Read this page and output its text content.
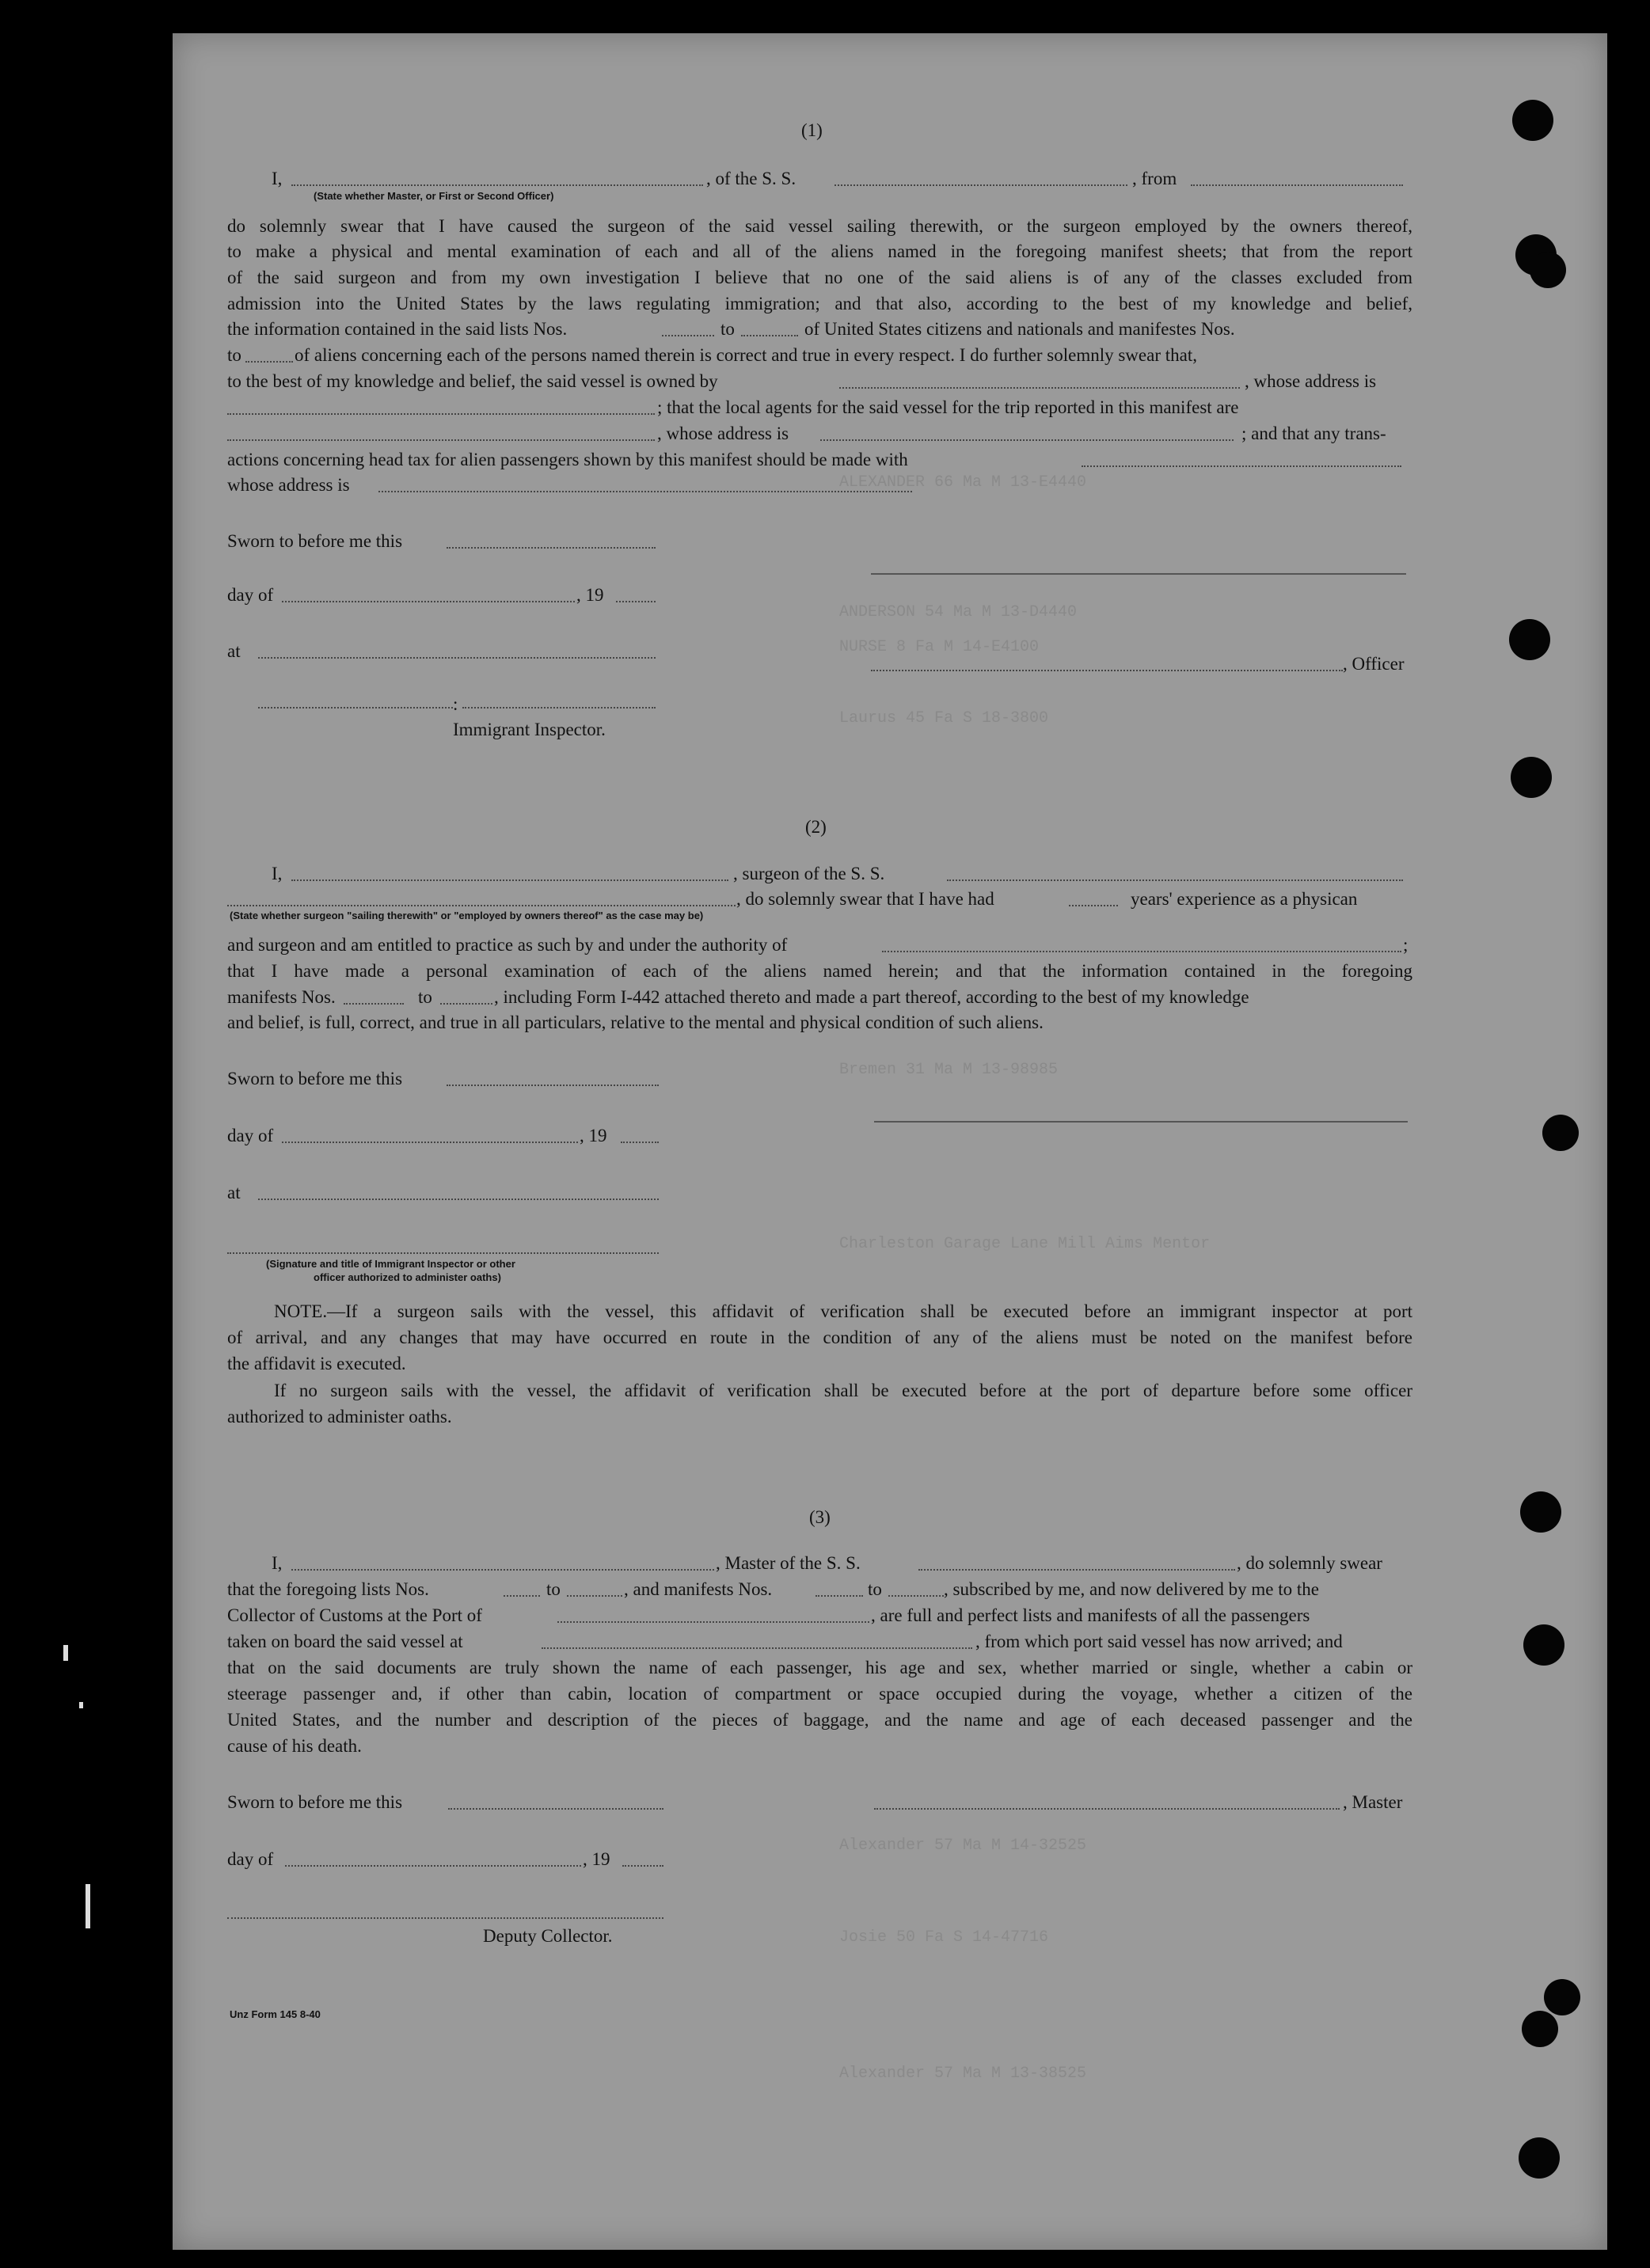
ALEXANDER 66 Ma M 13-E4440
ANDERSON 54 Ma M 13-D4440
NURSE 8 Fa M 14-E4100
Laurus 45 Fa S 18-3800
Bremen 31 Ma M 13-98985
Charleston Garage Lane Mill Aims Mentor
Alexander 57 Ma M 14-32525
Josie 50 Fa S 14-47716
Alexander 57 Ma M 13-38525
(1)
I,	, of the S. S.	, from
(State whether Master, or First or Second Officer)
do solemnly swear that I have caused the surgeon of the said vessel sailing therewith, or the surgeon employed by the owners thereof,
to make a physical and mental examination of each and all of the aliens named in the foregoing manifest sheets; that from the report
of the said surgeon and from my own investigation I believe that no one of the said aliens is of any of the classes excluded from
admission into the United States by the laws regulating immigration; and that also, according to the best of my knowledge and belief,
the information contained in the said lists Nos.	to	of United States citizens and nationals and manifestes Nos.
to	of aliens concerning each of the persons named therein is correct and true in every respect. I do further solemnly swear that,
to the best of my knowledge and belief, the said vessel is owned by	, whose address is
; that the local agents for the said vessel for the trip reported in this manifest are
, whose address is	; and that any trans-
actions concerning head tax for alien passengers shown by this manifest should be made with
whose address is
Sworn to before me this
day of	, 19
at
, Officer
:
Immigrant Inspector.
(2)
I,	, surgeon of the S. S.
, do solemnly swear that I have had	years' experience as a physican
(State whether surgeon "sailing therewith" or "employed by owners thereof" as the case may be)
and surgeon and am entitled to practice as such by and under the authority of	;
that I have made a personal examination of each of the aliens named herein; and that the information contained in the foregoing
manifests Nos.	to	, including Form I-442 attached thereto and made a part thereof, according to the best of my knowledge
and belief, is full, correct, and true in all particulars, relative to the mental and physical condition of such aliens.
Sworn to before me this
day of	, 19
at
(Signature and title of Immigrant Inspector or other
officer authorized to administer oaths)
NOTE.—If a surgeon sails with the vessel, this affidavit of verification shall be executed before an immigrant inspector at port
of arrival, and any changes that may have occurred en route in the condition of any of the aliens must be noted on the manifest before
the affidavit is executed.
If no surgeon sails with the vessel, the affidavit of verification shall be executed before at the port of departure before some officer
authorized to administer oaths.
(3)
I,	, Master of the S. S.	, do solemnly swear
that the foregoing lists Nos.	to	, and manifests Nos.	to	, subscribed by me, and now delivered by me to the
Collector of Customs at the Port of	, are full and perfect lists and manifests of all the passengers
taken on board the said vessel at	, from which port said vessel has now arrived; and
that on the said documents are truly shown the name of each passenger, his age and sex, whether married or single, whether a cabin or
steerage passenger and, if other than cabin, location of compartment or space occupied during the voyage, whether a citizen of the
United States, and the number and description of the pieces of baggage, and the name and age of each deceased passenger and the
cause of his death.
Sworn to before me this	, Master
day of	, 19
Deputy Collector.
Unz Form 145 8-40
